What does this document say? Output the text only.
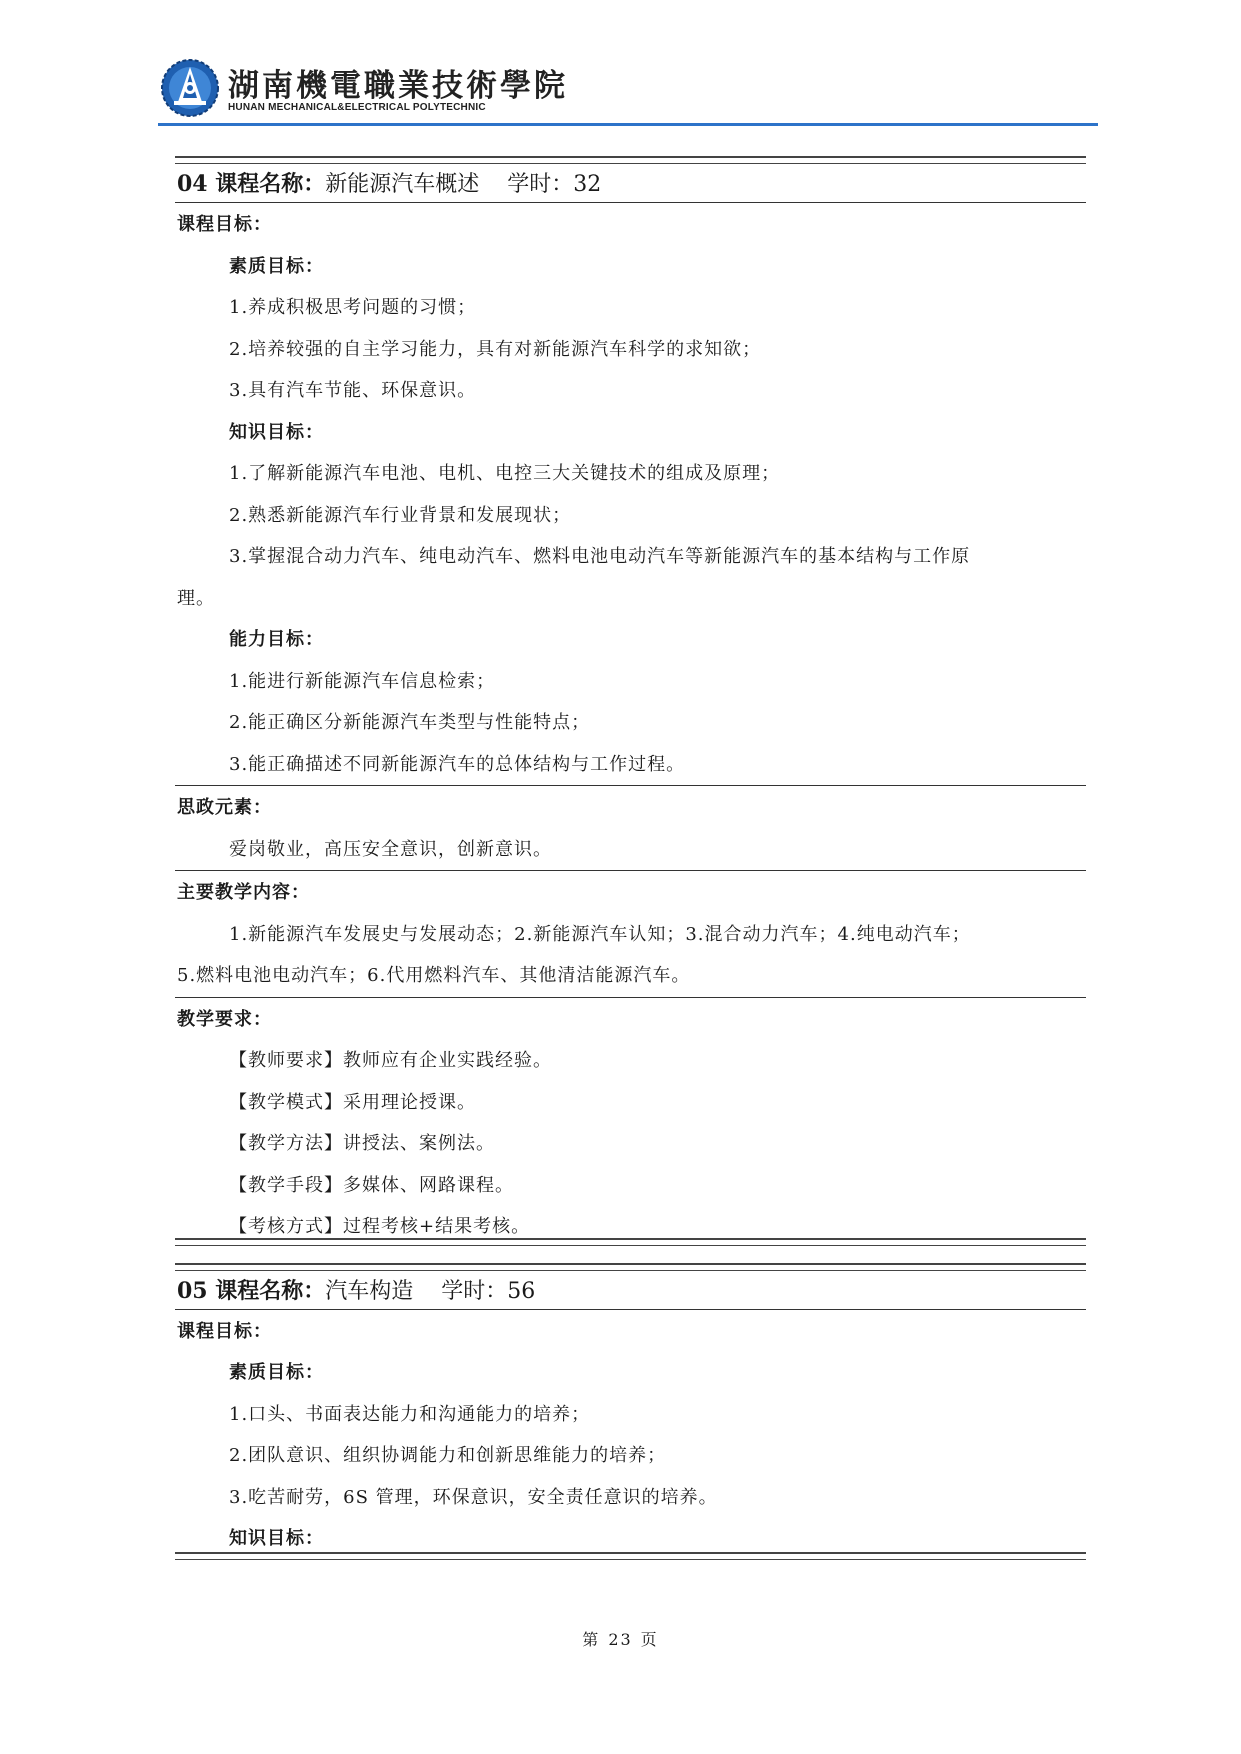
湖南機電職業技術學院
HUNAN MECHANICAL&ELECTRICAL POLYTECHNIC
04 课程名称：新能源汽车概述 学时：32
课程目标：
素质目标：
1.养成积极思考问题的习惯；
2.培养较强的自主学习能力，具有对新能源汽车科学的求知欲；
3.具有汽车节能、环保意识。
知识目标：
1.了解新能源汽车电池、电机、电控三大关键技术的组成及原理；
2.熟悉新能源汽车行业背景和发展现状；
3.掌握混合动力汽车、纯电动汽车、燃料电池电动汽车等新能源汽车的基本结构与工作原
理。
能力目标：
1.能进行新能源汽车信息检索；
2.能正确区分新能源汽车类型与性能特点；
3.能正确描述不同新能源汽车的总体结构与工作过程。
思政元素：
爱岗敬业，高压安全意识，创新意识。
主要教学内容：
1.新能源汽车发展史与发展动态；2.新能源汽车认知；3.混合动力汽车；4.纯电动汽车；
5.燃料电池电动汽车；6.代用燃料汽车、其他清洁能源汽车。
教学要求：
【教师要求】教师应有企业实践经验。
【教学模式】采用理论授课。
【教学方法】讲授法、案例法。
【教学手段】多媒体、网路课程。
【考核方式】过程考核+结果考核。
05 课程名称：汽车构造 学时：56
课程目标：
素质目标：
1.口头、书面表达能力和沟通能力的培养；
2.团队意识、组织协调能力和创新思维能力的培养；
3.吃苦耐劳，6S 管理，环保意识，安全责任意识的培养。
知识目标：
第 23 页
